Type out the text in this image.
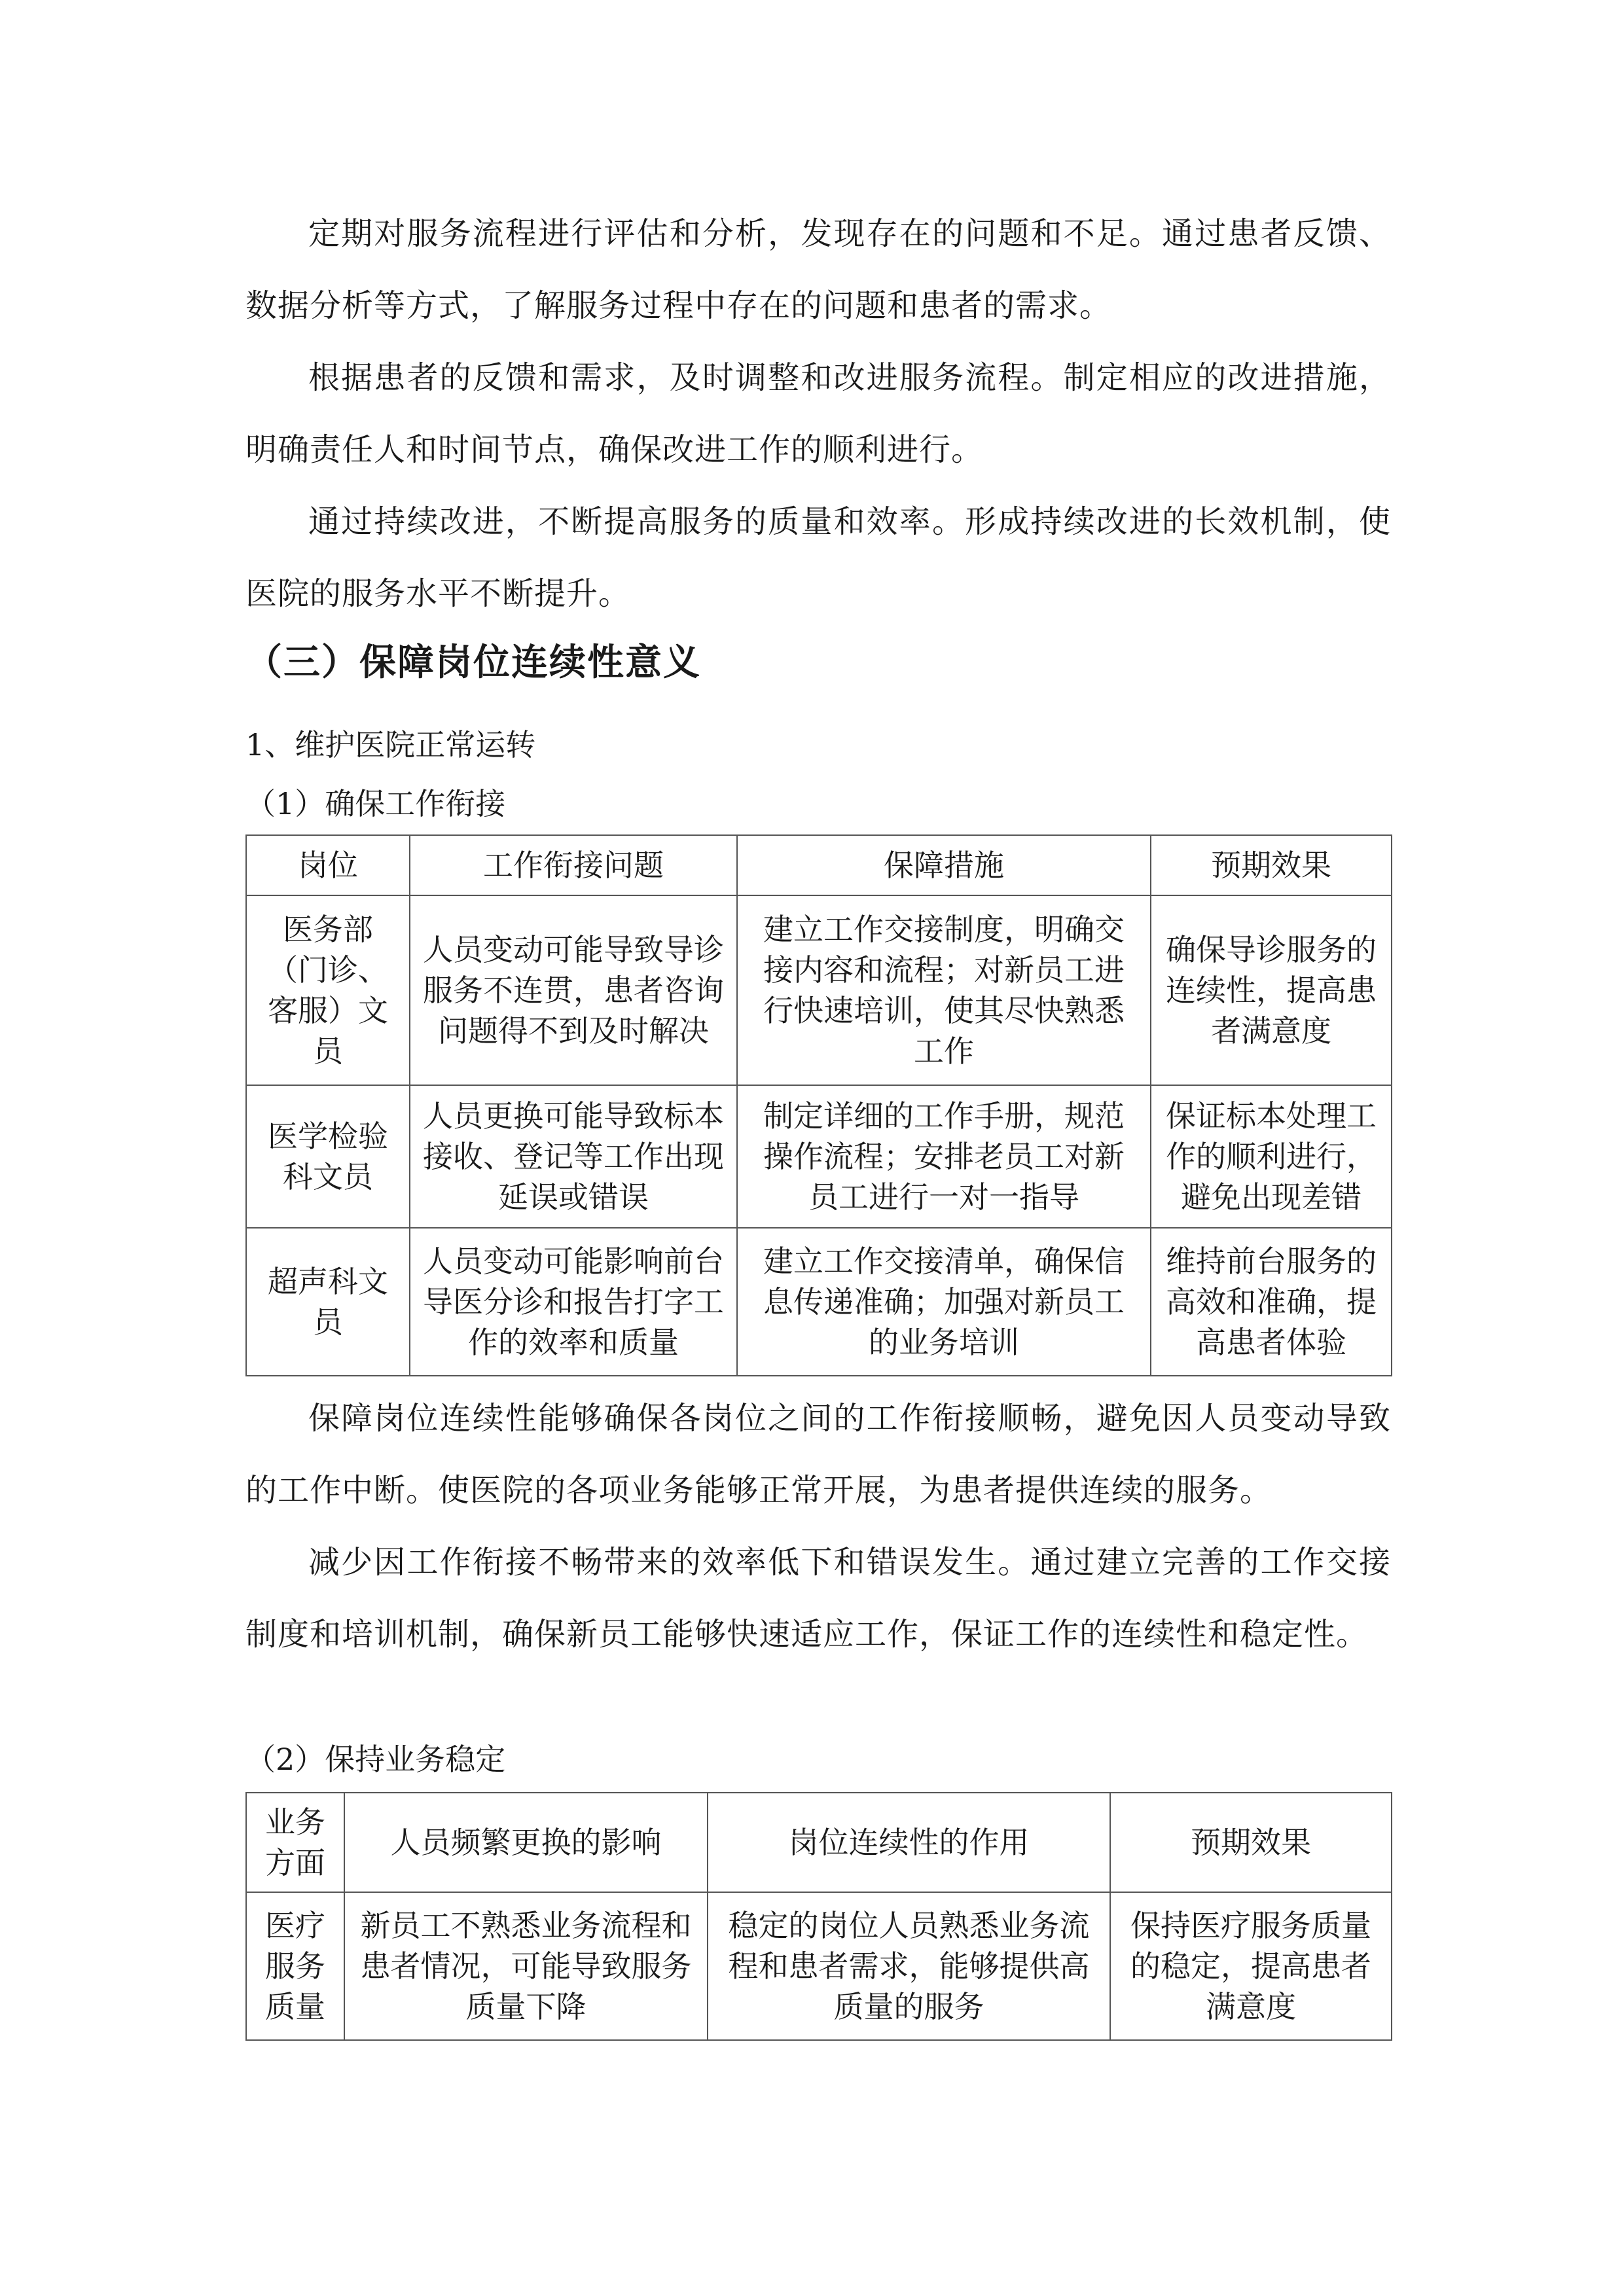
定期对服务流程进行评估和分析，发现存在的问题和不足。通过患者反馈、数据分析等方式，了解服务过程中存在的问题和患者的需求。

根据患者的反馈和需求，及时调整和改进服务流程。制定相应的改进措施，明确责任人和时间节点，确保改进工作的顺利进行。

通过持续改进，不断提高服务的质量和效率。形成持续改进的长效机制，使医院的服务水平不断提升。

（三）保障岗位连续性意义
1、维护医院正常运转
（1）确保工作衔接
岗位	工作衔接问题	保障措施	预期效果
医务部（门诊、客服）文员	人员变动可能导致导诊服务不连贯，患者咨询问题得不到及时解决	建立工作交接制度，明确交接内容和流程；对新员工进行快速培训，使其尽快熟悉工作	确保导诊服务的连续性，提高患者满意度
医学检验科文员	人员更换可能导致标本接收、登记等工作出现延误或错误	制定详细的工作手册，规范操作流程；安排老员工对新员工进行一对一指导	保证标本处理工作的顺利进行，避免出现差错
超声科文员	人员变动可能影响前台导医分诊和报告打字工作的效率和质量	建立工作交接清单，确保信息传递准确；加强对新员工的业务培训	维持前台服务的高效和准确，提高患者体验

保障岗位连续性能够确保各岗位之间的工作衔接顺畅，避免因人员变动导致的工作中断。使医院的各项业务能够正常开展，为患者提供连续的服务。

减少因工作衔接不畅带来的效率低下和错误发生。通过建立完善的工作交接制度和培训机制，确保新员工能够快速适应工作，保证工作的连续性和稳定性。

（2）保持业务稳定
业务方面	人员频繁更换的影响	岗位连续性的作用	预期效果
医疗服务质量	新员工不熟悉业务流程和患者情况，可能导致服务质量下降	稳定的岗位人员熟悉业务流程和患者需求，能够提供高质量的服务	保持医疗服务质量的稳定，提高患者满意度
